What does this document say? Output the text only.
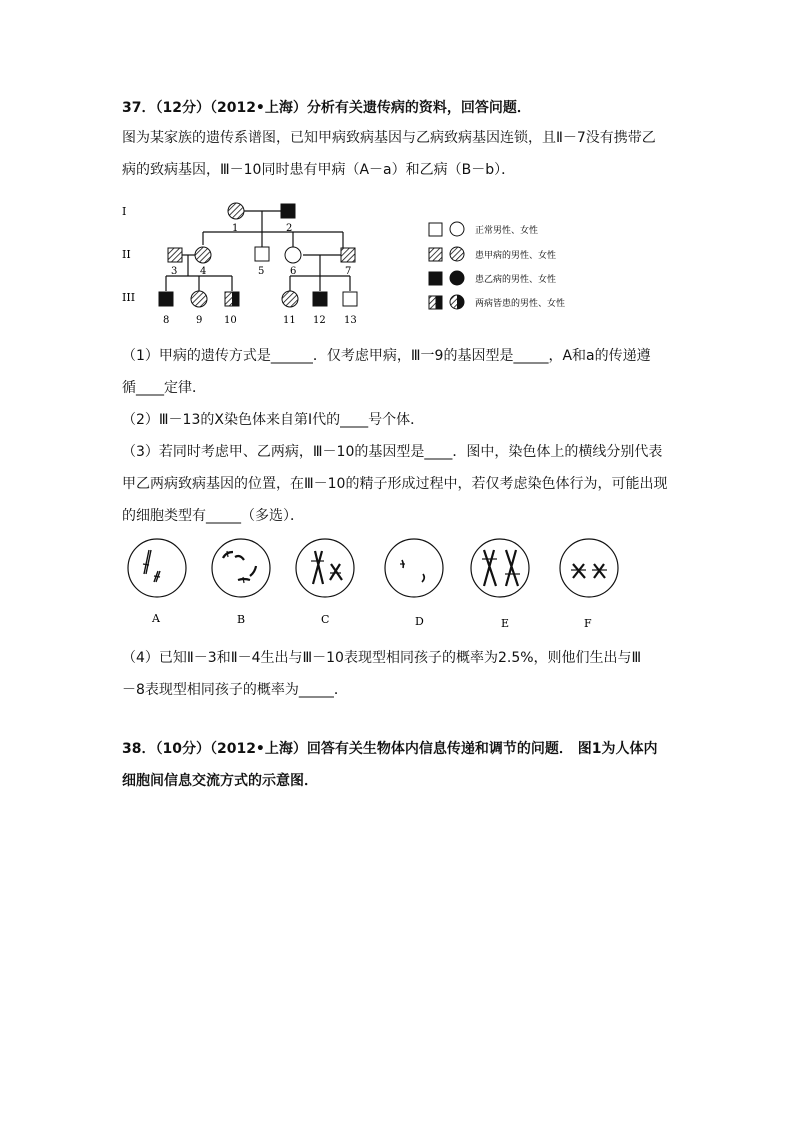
37．（12分）（2012•上海）分析有关遗传病的资料，回答问题．
图为某家族的遗传系谱图，已知甲病致病基因与乙病致病基因连锁，且Ⅱ－7没有携带乙
病的致病基因，Ⅲ－10同时患有甲病（A－a）和乙病（B－b）．
I
II
III
1	2
3 4	5	6	7
8	9 10	11 12 13
正常男性、女性
患甲病的男性、女性
患乙病的男性、女性
两病皆患的男性、女性
（1）甲病的遗传方式是______．仅考虑甲病，Ⅲ一9的基因型是_____，A和a的传递遵
循____定律．
（2）Ⅲ－13的X染色体来自第Ⅰ代的____号个体．
（3）若同时考虑甲、乙两病，Ⅲ－10的基因型是____．图中，染色体上的横线分别代表
甲乙两病致病基因的位置，在Ⅲ－10的精子形成过程中，若仅考虑染色体行为，可能出现
的细胞类型有_____（多选）．
A	B	C	D	E	F
（4）已知Ⅱ－3和Ⅱ－4生出与Ⅲ－10表现型相同孩子的概率为2.5%，则他们生出与Ⅲ
－8表现型相同孩子的概率为_____．
38．（10分）（2012•上海）回答有关生物体内信息传递和调节的问题． 图1为人体内
细胞间信息交流方式的示意图．
